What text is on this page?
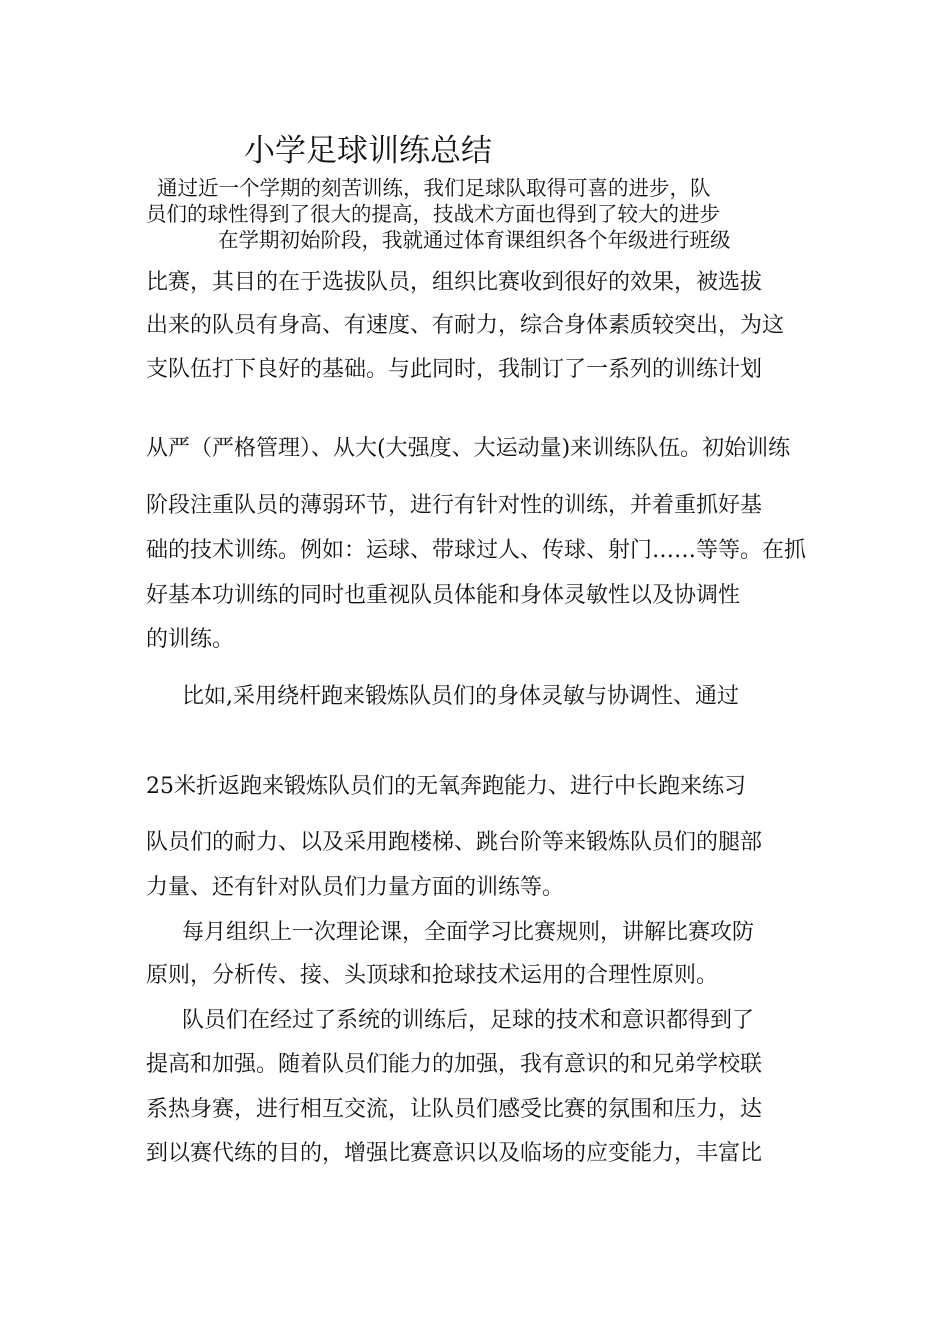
小学足球训练总结
通过近一个学期的刻苦训练，我们足球队取得可喜的进步，队
员们的球性得到了很大的提高，技战术方面也得到了较大的进步
在学期初始阶段，我就通过体育课组织各个年级进行班级
比赛，其目的在于选拔队员，组织比赛收到很好的效果，被选拔
出来的队员有身高、有速度、有耐力，综合身体素质较突出，为这
支队伍打下良好的基础。与此同时，我制订了一系列的训练计划
从严（严格管理）、从大(大强度、大运动量)来训练队伍。初始训练
阶段注重队员的薄弱环节，进行有针对性的训练，并着重抓好基
础的技术训练。例如：运球、带球过人、传球、射门……等等。在抓
好基本功训练的同时也重视队员体能和身体灵敏性以及协调性
的训练。
比如,采用绕杆跑来锻炼队员们的身体灵敏与协调性、通过
25米折返跑来锻炼队员们的无氧奔跑能力、进行中长跑来练习
队员们的耐力、以及采用跑楼梯、跳台阶等来锻炼队员们的腿部
力量、还有针对队员们力量方面的训练等。
每月组织上一次理论课，全面学习比赛规则，讲解比赛攻防
原则，分析传、接、头顶球和抢球技术运用的合理性原则。
队员们在经过了系统的训练后，足球的技术和意识都得到了
提高和加强。随着队员们能力的加强，我有意识的和兄弟学校联
系热身赛，进行相互交流，让队员们感受比赛的氛围和压力，达
到以赛代练的目的，增强比赛意识以及临场的应变能力，丰富比
